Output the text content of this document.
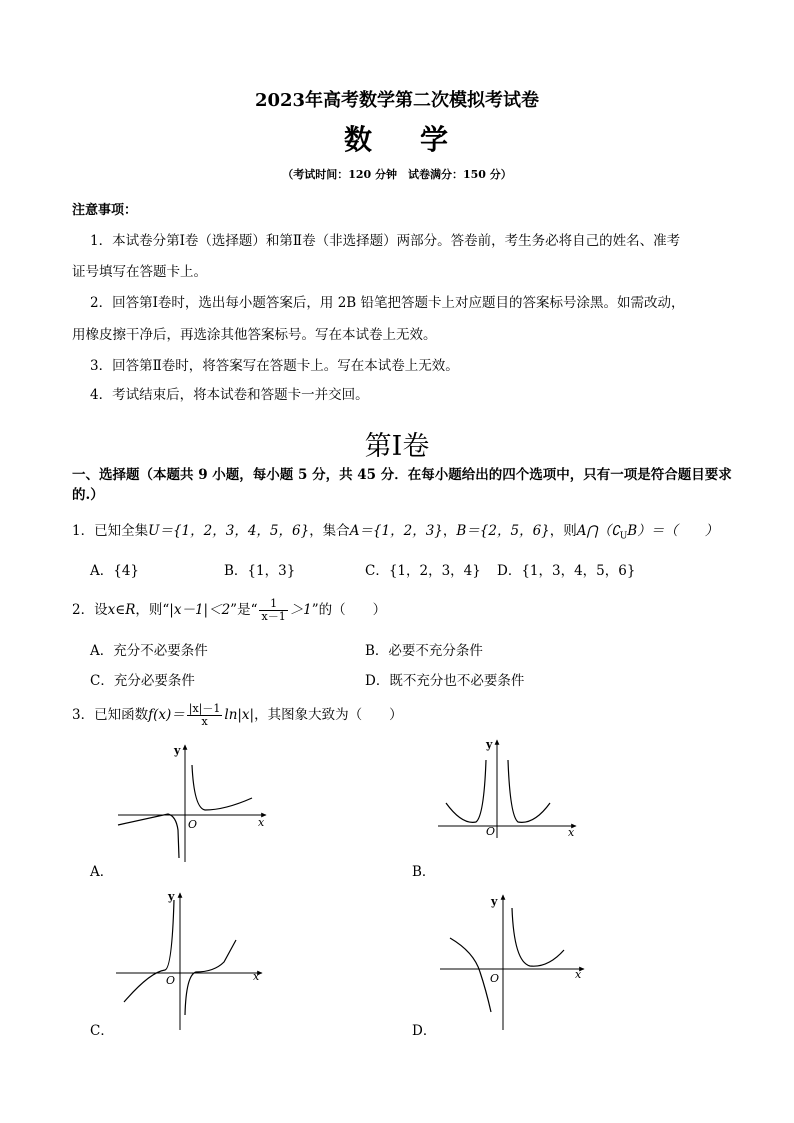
2023年高考数学第二次模拟考试卷
数 学
（考试时间：120 分钟　试卷满分：150 分）
注意事项：
1．本试卷分第Ⅰ卷（选择题）和第Ⅱ卷（非选择题）两部分。答卷前，考生务必将自己的姓名、准考
证号填写在答题卡上。
2．回答第Ⅰ卷时，选出每小题答案后，用 2B 铅笔把答题卡上对应题目的答案标号涂黑。如需改动，
用橡皮擦干净后，再选涂其他答案标号。写在本试卷上无效。
3．回答第Ⅱ卷时，将答案写在答题卡上。写在本试卷上无效。
4．考试结束后，将本试卷和答题卡一并交回。
第Ⅰ卷
一、选择题（本题共 9 小题，每小题 5 分，共 45 分．在每小题给出的四个选项中，只有一项是符合题目要求的.）
1．已知全集U＝{1，2，3，4，5，6}，集合A＝{1，2，3}，B＝{2，5，6}，则$A⋂(∁_UB)=$（　　）
A．{4}	B．{1，3}	C．{1，2，3，4} D．{1，3，4，5，6}
2．设x∈R，则“|x－1|＜2”是“ $\frac{1}{x-1} >1$”的（　　）
A．充分不必要条件	B．必要不充分条件
C．充分必要条件	D．既不充分也不必要条件
3．已知函数$f(x)= \frac{|x|-1}{x} \ln|x|$，其图象大致为（　　）
y
x
O
y
x
O
y
x
O
y
x
O
A．	B．
C．	D．
